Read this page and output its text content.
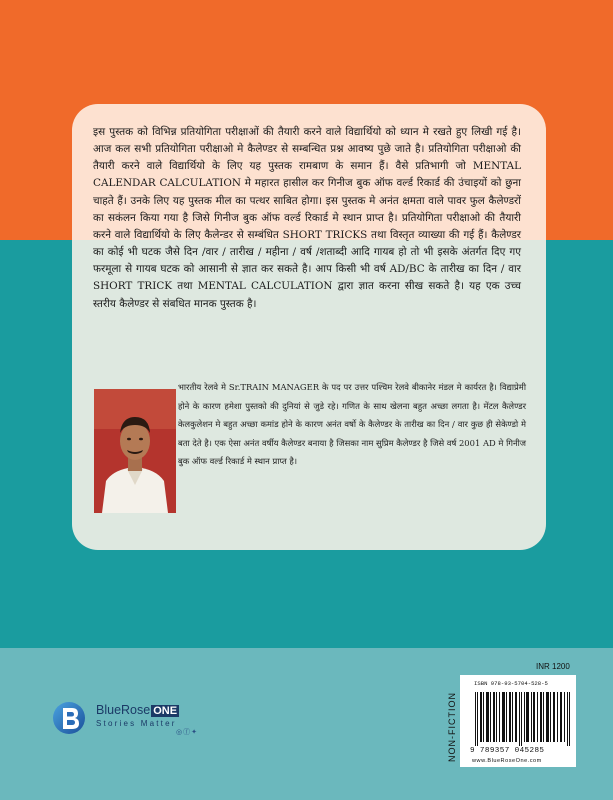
इस पुस्तक को विभिन्न प्रतियोगिता परीक्षाओं की तैयारी करने वाले विद्यार्थियो को ध्यान मे रखते हुए लिखी गई है। आज कल सभी प्रतियोगिता परीक्षाओ मे कैलेण्डर से सम्बन्धित प्रश्न आवष्य पुछे जाते है। प्रतियोगिता परीक्षाओ की तैयारी करने वाले विद्यार्थियो के लिए यह पुस्तक रामबाण के समान हैं। वैसे प्रतिभागी जो MENTAL CALENDAR CALCULATION मे महारत हासील कर गिनीज बुक ऑफ वर्ल्ड रिकार्ड की उंचाइयों को छुना चाहते हैं। उनके लिए यह पुस्तक मील का पत्थर साबित होगा। इस पुस्तक मे अनंत क्षमता वाले पावर फुल कैलेण्डरों का सकंलन किया गया है जिसे गिनीज बुक ऑफ वर्ल्ड रिकार्ड मे स्थान प्राप्त है। प्रतियोगिता परीक्षाओ की तैयारी करने वाले विद्यार्थियो के लिए कैलेन्डर से सम्बंधित SHORT TRICKS तथा विस्तृत व्याख्या की गई हैं। कैलेण्डर का कोई भी घटक जैसे दिन /वार / तारीख / महीना / वर्ष /शताब्दी आदि गायब हो तो भी इसके अंतर्गत दिए गए फरमूला से गायब घटक को आसानी से ज्ञात कर सकते है। आप किसी भी वर्ष AD/BC के तारीख का दिन / वार SHORT TRICK तथा MENTAL CALCULATION द्वारा ज्ञात करना सीख सकते है। यह एक उच्च स्तरीय कैलेण्डर से संबधित मानक पुस्तक है।

भारतीय रेलवे मे Sr.TRAIN MANAGER के पद पर उत्तर पश्चिम रेलवे बीकानेर मंडल मे कार्यरत है। विद्याप्रेमी होने के कारण हमेशा पुस्तको की दुनियां से जुडे रहे। गणित के साथ खेलना बहुत अच्छा लगता है। मेंटल कैलेण्डर केलकुलेशन मे बहुत अच्छा कमांड होने के कारण अनंत वर्षो के कैलेण्डर के तारीख का दिन / वार कुछ ही सेकेण्डो मे बता देते है। एक ऐसा अनंत वर्षीय कैलेण्डर बनाया है जिसका नाम सुप्रिम कैलेण्डर है जिसे वर्ष 2001 AD मे गिनीज बुक ऑफ वर्ल्ड रिकार्ड मे स्थान प्राप्त है।

BlueRose ONE
Stories Matter
◎ⓕ✦	NON-FICTION
INR 1200
ISBN 978-93-5704-528-5
9 789357 045285
www.BlueRoseOne.com
